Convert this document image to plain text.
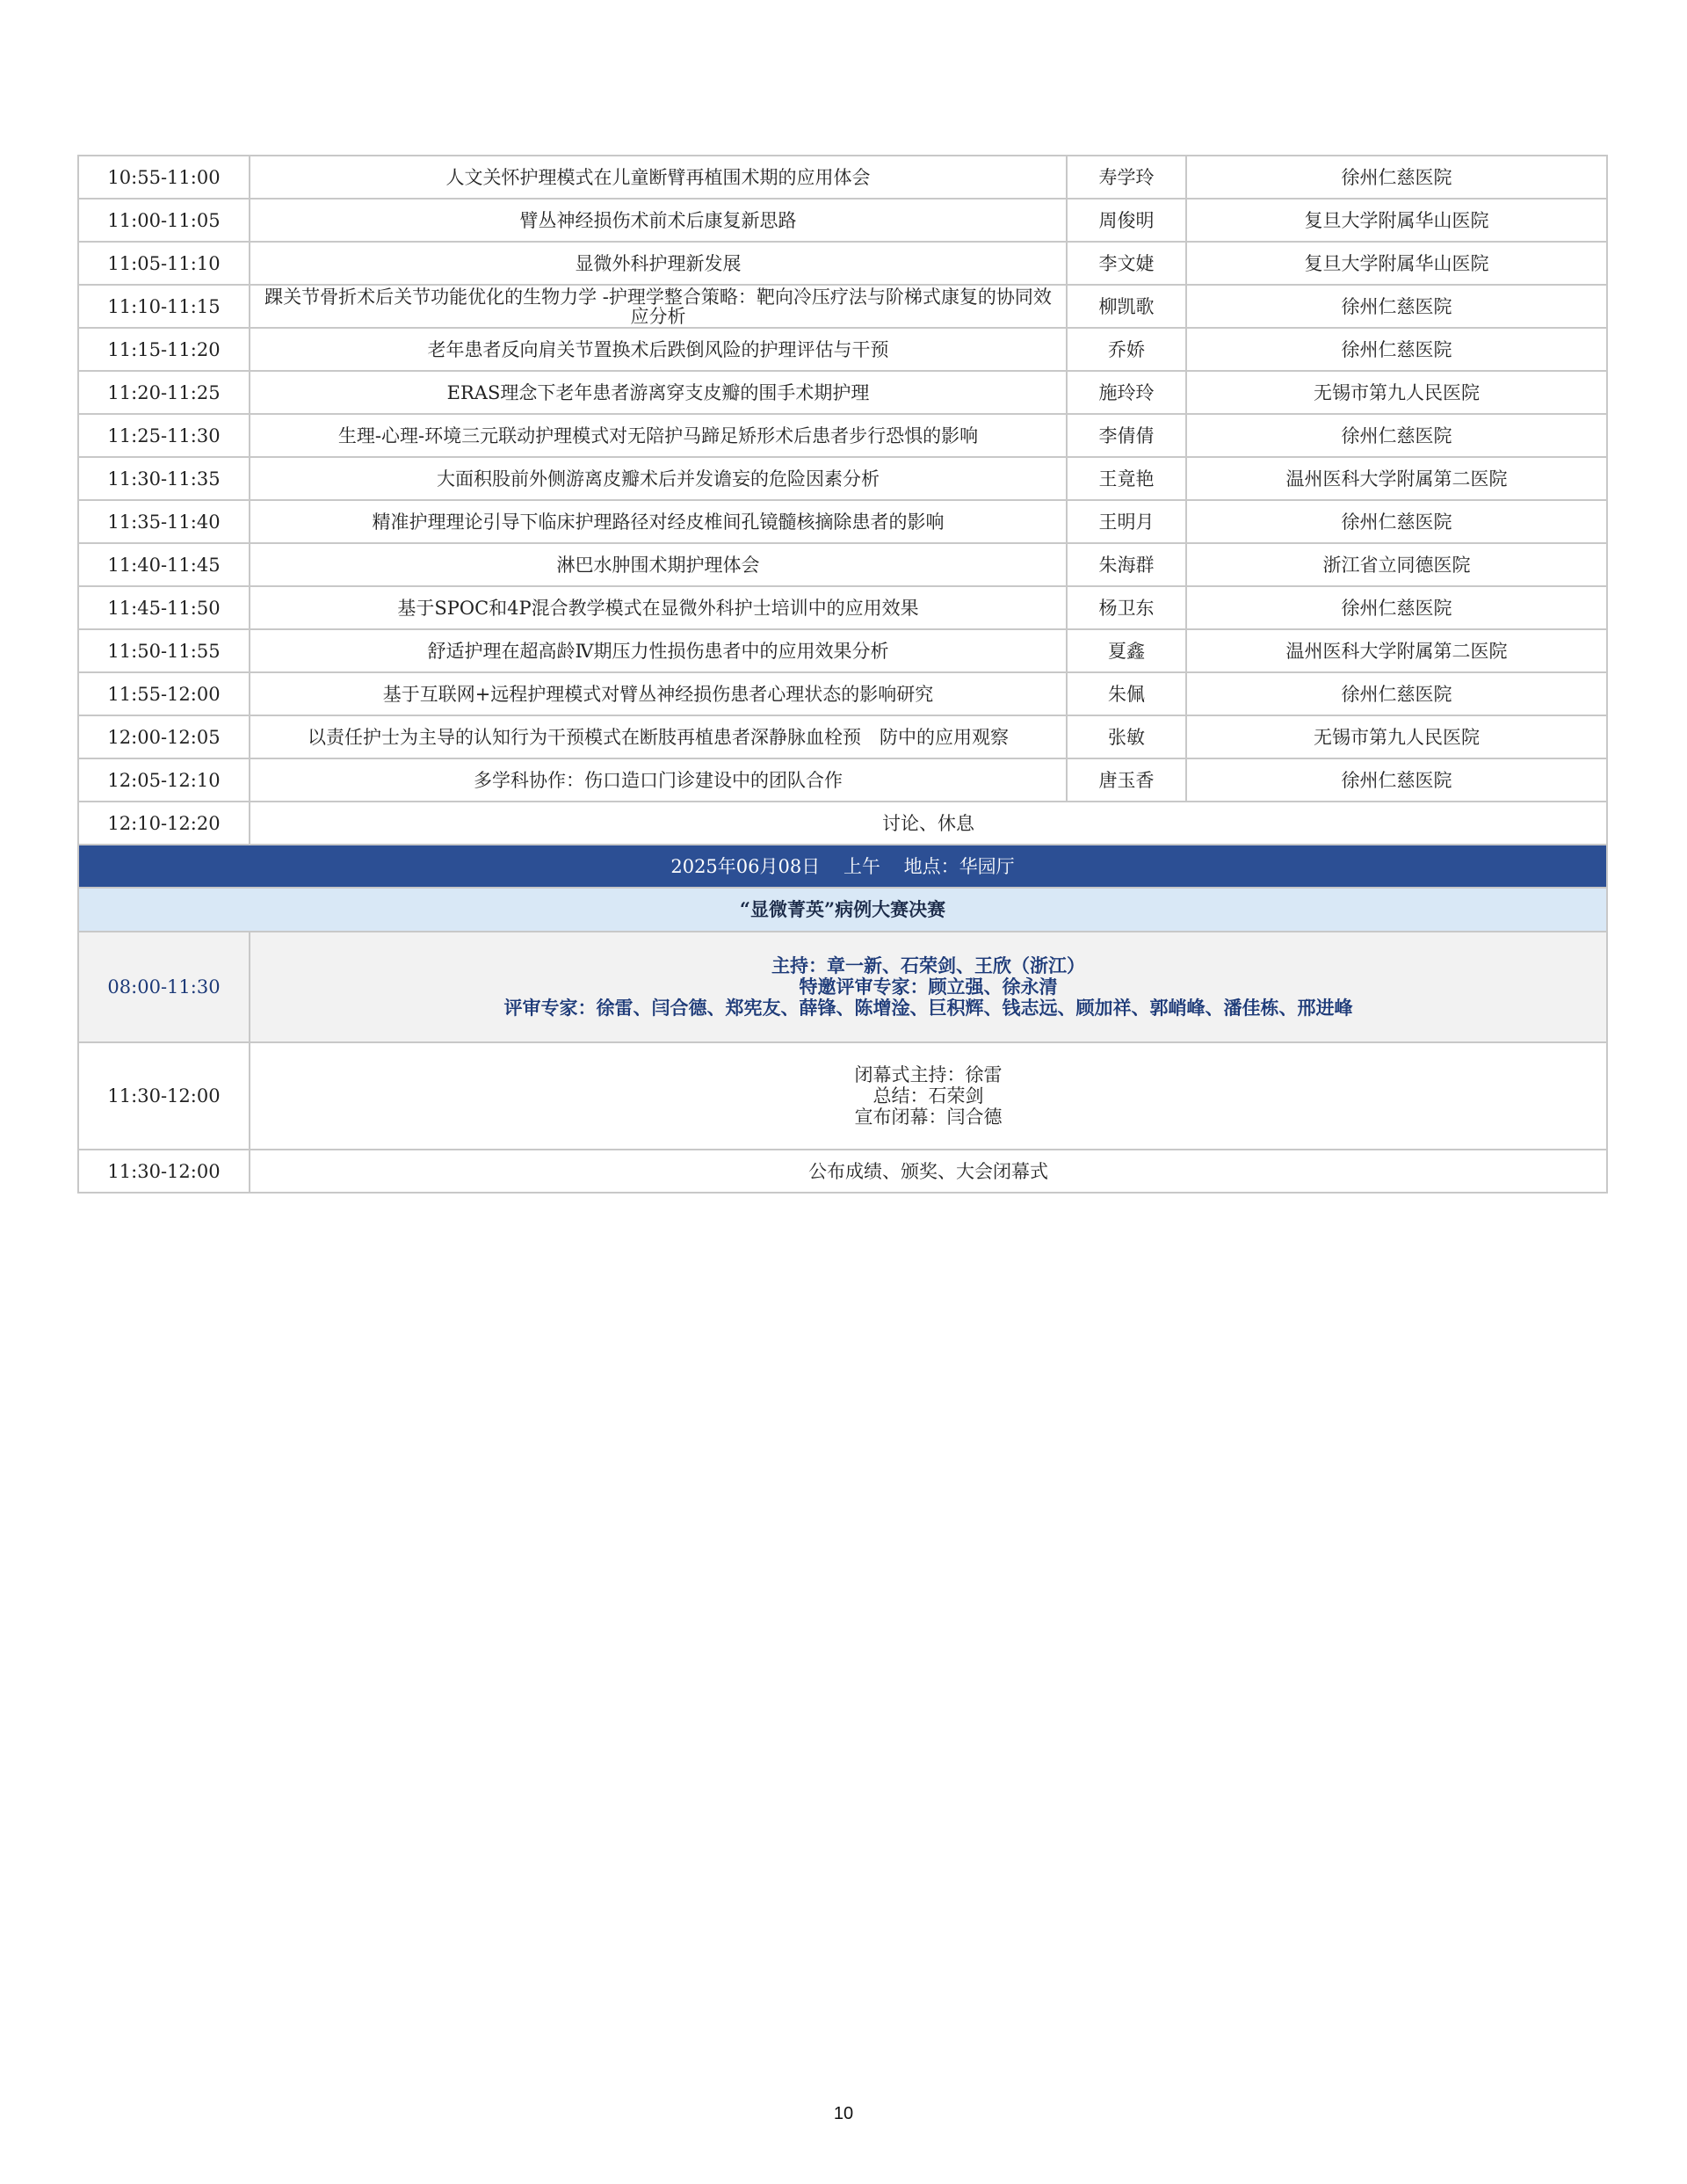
10:55-11:00	人文关怀护理模式在儿童断臂再植围术期的应用体会	寿学玲	徐州仁慈医院
11:00-11:05	臂丛神经损伤术前术后康复新思路	周俊明	复旦大学附属华山医院
11:05-11:10	显微外科护理新发展	李文婕	复旦大学附属华山医院
11:10-11:15	踝关节骨折术后关节功能优化的生物力学 -护理学整合策略：靶向冷压疗法与阶梯式康复的协同效应分析	柳凯歌	徐州仁慈医院
11:15-11:20	老年患者反向肩关节置换术后跌倒风险的护理评估与干预	乔娇	徐州仁慈医院
11:20-11:25	ERAS理念下老年患者游离穿支皮瓣的围手术期护理	施玲玲	无锡市第九人民医院
11:25-11:30	生理-心理-环境三元联动护理模式对无陪护马蹄足矫形术后患者步行恐惧的影响	李倩倩	徐州仁慈医院
11:30-11:35	大面积股前外侧游离皮瓣术后并发谵妄的危险因素分析	王竟艳	温州医科大学附属第二医院
11:35-11:40	精准护理理论引导下临床护理路径对经皮椎间孔镜髓核摘除患者的影响	王明月	徐州仁慈医院
11:40-11:45	淋巴水肿围术期护理体会	朱海群	浙江省立同德医院
11:45-11:50	基于SPOC和4P混合教学模式在显微外科护士培训中的应用效果	杨卫东	徐州仁慈医院
11:50-11:55	舒适护理在超高龄Ⅳ期压力性损伤患者中的应用效果分析	夏鑫	温州医科大学附属第二医院
11:55-12:00	基于互联网+远程护理模式对臂丛神经损伤患者心理状态的影响研究	朱佩	徐州仁慈医院
12:00-12:05	以责任护士为主导的认知行为干预模式在断肢再植患者深静脉血栓预　防中的应用观察	张敏	无锡市第九人民医院
12:05-12:10	多学科协作：伤口造口门诊建设中的团队合作	唐玉香	徐州仁慈医院
12:10-12:20	讨论、休息		
2025年06月08日 上午 地点：华园厅			
“显微菁英”病例大赛决赛			
08:00-11:30	主持：章一新、石荣剑、王欣（浙江）
特邀评审专家：顾立强、徐永清
评审专家：徐雷、闫合德、郑宪友、薛锋、陈增淦、巨积辉、钱志远、顾加祥、郭峭峰、潘佳栋、邢进峰		

11:30-12:00	闭幕式主持：徐雷
总结：石荣剑
宣布闭幕：闫合德		

11:30-12:00	公布成绩、颁奖、大会闭幕式		
10
